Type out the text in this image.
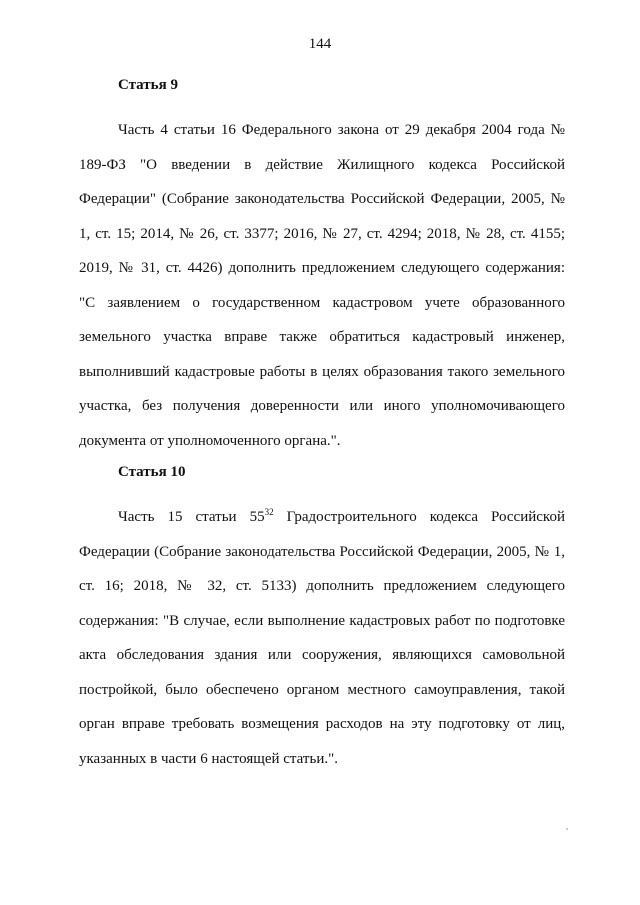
144
Статья 9

Часть 4 статьи 16 Федерального закона от 29 декабря 2004 года № 189-ФЗ "О введении в действие Жилищного кодекса Российской Федерации" (Собрание законодательства Российской Федерации, 2005, № 1, ст. 15; 2014, № 26, ст. 3377; 2016, № 27, ст. 4294; 2018, № 28, ст. 4155; 2019, № 31, ст. 4426) дополнить предложением следующего содержания: "С заявлением о государственном кадастровом учете образованного земельного участка вправе также обратиться кадастровый инженер, выполнивший кадастровые работы в целях образования такого земельного участка, без получения доверенности или иного уполномочивающего документа от уполномоченного органа.".

Статья 10

Часть 15 статьи $55^{32}$ Градостроительного кодекса Российской Федерации (Собрание законодательства Российской Федерации, 2005, № 1, ст. 16; 2018, № 32, ст. 5133) дополнить предложением следующего содержания: "В случае, если выполнение кадастровых работ по подготовке акта обследования здания или сооружения, являющихся самовольной постройкой, было обеспечено органом местного самоуправления, такой орган вправе требовать возмещения расходов на эту подготовку от лиц, указанных в части 6 настоящей статьи.".
